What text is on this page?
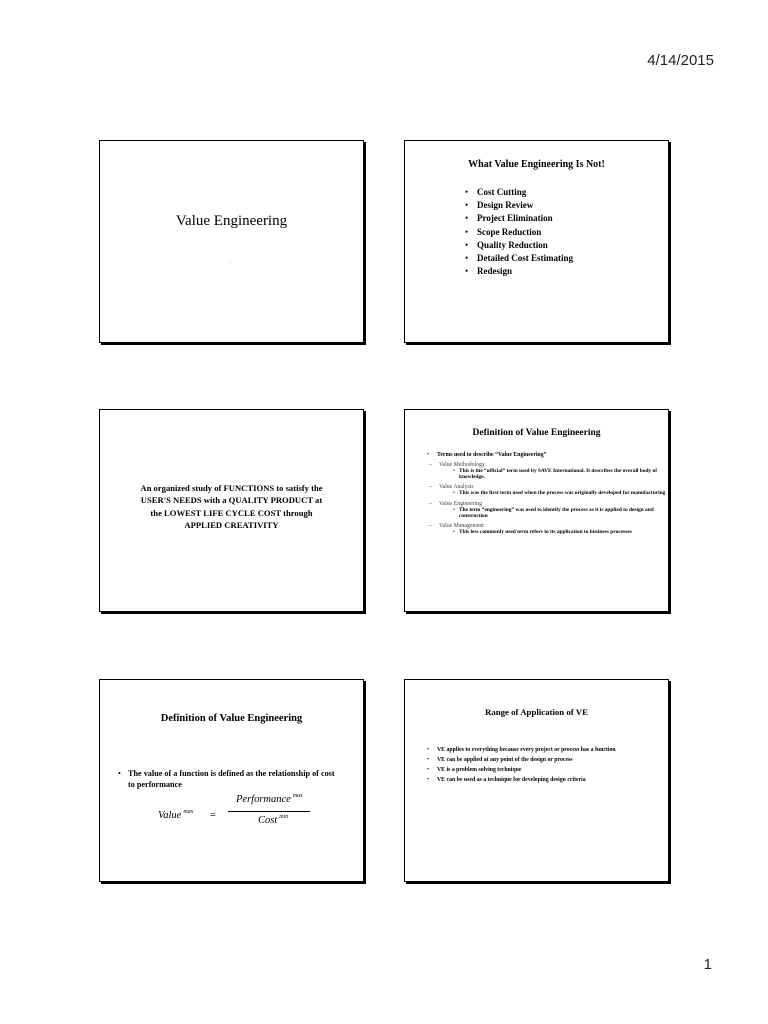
4/14/2015
Value Engineering
.
What Value Engineering Is Not!
• Cost Cutting
• Design Review
• Project Elimination
• Scope Reduction
• Quality Reduction
• Detailed Cost Estimating
• Redesign
An organized study of FUNCTIONS to satisfy the
USER'S NEEDS with a QUALITY PRODUCT at
the LOWEST LIFE CYCLE COST through
APPLIED CREATIVITY
Definition of Value Engineering
• Terms used to describe “Value Engineering”
– Value Methodology
• This is the “official” term used by SAVE International. It describes the overall body of knowledge.
– Value Analysis
• This was the first term used when the process was originally developed for manufacturing
– Value Engineering
• The term “engineering” was used to identify the process as it is applied to design and construction
– Value Management
• This less commonly used term refers to its application to business processes
Definition of Value Engineering
• The value of a function is defined as the relationship of cost to performance
Value $^{max}$ =
Performance $^{max}$
Cost $^{min}$
Range of Application of VE
• VE applies to everything because every project or process has a function
• VE can be applied at any point of the design or process
• VE is a problem solving technique
• VE can be used as a technique for developing design criteria
1
